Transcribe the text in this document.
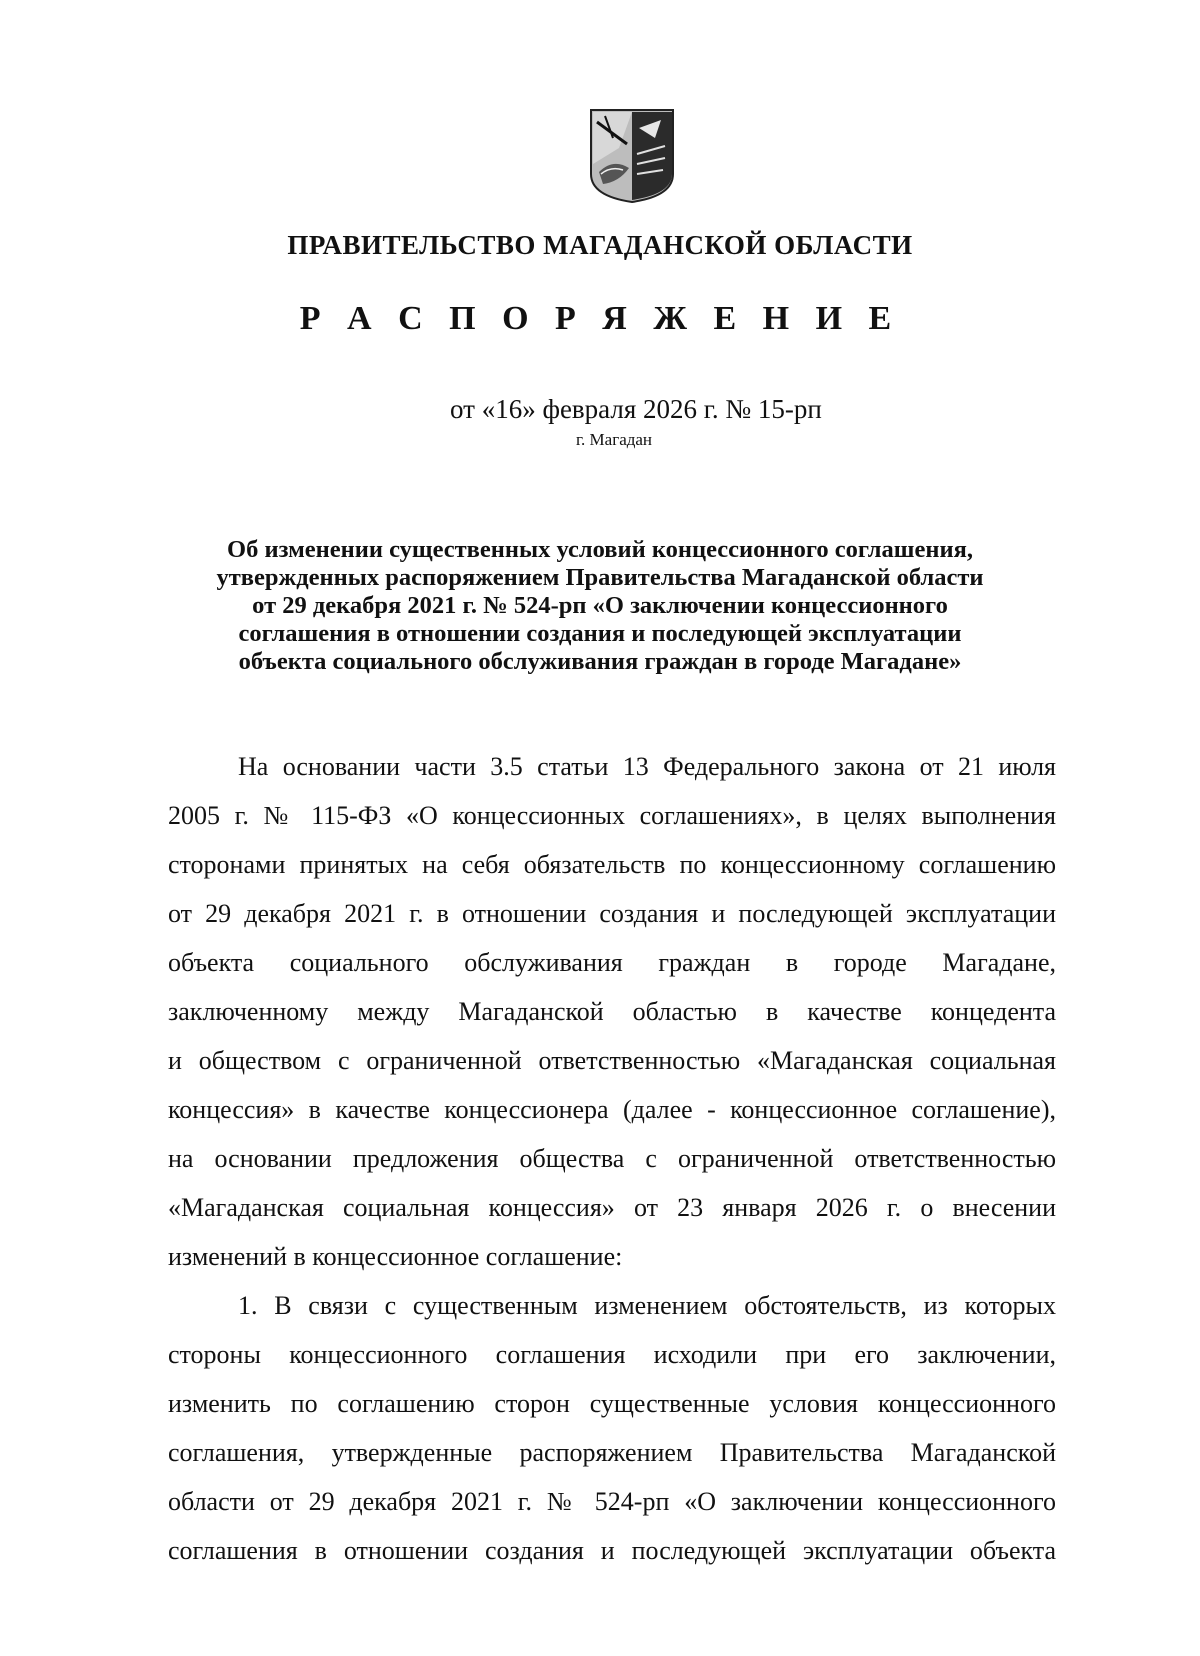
ПРАВИТЕЛЬСТВО МАГАДАНСКОЙ ОБЛАСТИ
Р А С П О Р Я Ж Е Н И Е
от «16» февраля 2026 г. № 15-рп
г. Магадан
Об изменении существенных условий концессионного соглашения,
утвержденных распоряжением Правительства Магаданской области
от 29 декабря 2021 г. № 524-рп «О заключении концессионного
соглашения в отношении создания и последующей эксплуатации
объекта социального обслуживания граждан в городе Магадане»
На основании части 3.5 статьи 13 Федерального закона от 21 июля
2005 г. № 115-ФЗ «О концессионных соглашениях», в целях выполнения
сторонами принятых на себя обязательств по концессионному соглашению
от 29 декабря 2021 г. в отношении создания и последующей эксплуатации
объекта социального обслуживания граждан в городе Магадане,
заключенному между Магаданской областью в качестве концедента
и обществом с ограниченной ответственностью «Магаданская социальная
концессия» в качестве концессионера (далее - концессионное соглашение),
на основании предложения общества с ограниченной ответственностью
«Магаданская социальная концессия» от 23 января 2026 г. о внесении
изменений в концессионное соглашение:
1. В связи с существенным изменением обстоятельств, из которых
стороны концессионного соглашения исходили при его заключении,
изменить по соглашению сторон существенные условия концессионного
соглашения, утвержденные распоряжением Правительства Магаданской
области от 29 декабря 2021 г. № 524-рп «О заключении концессионного
соглашения в отношении создания и последующей эксплуатации объекта
